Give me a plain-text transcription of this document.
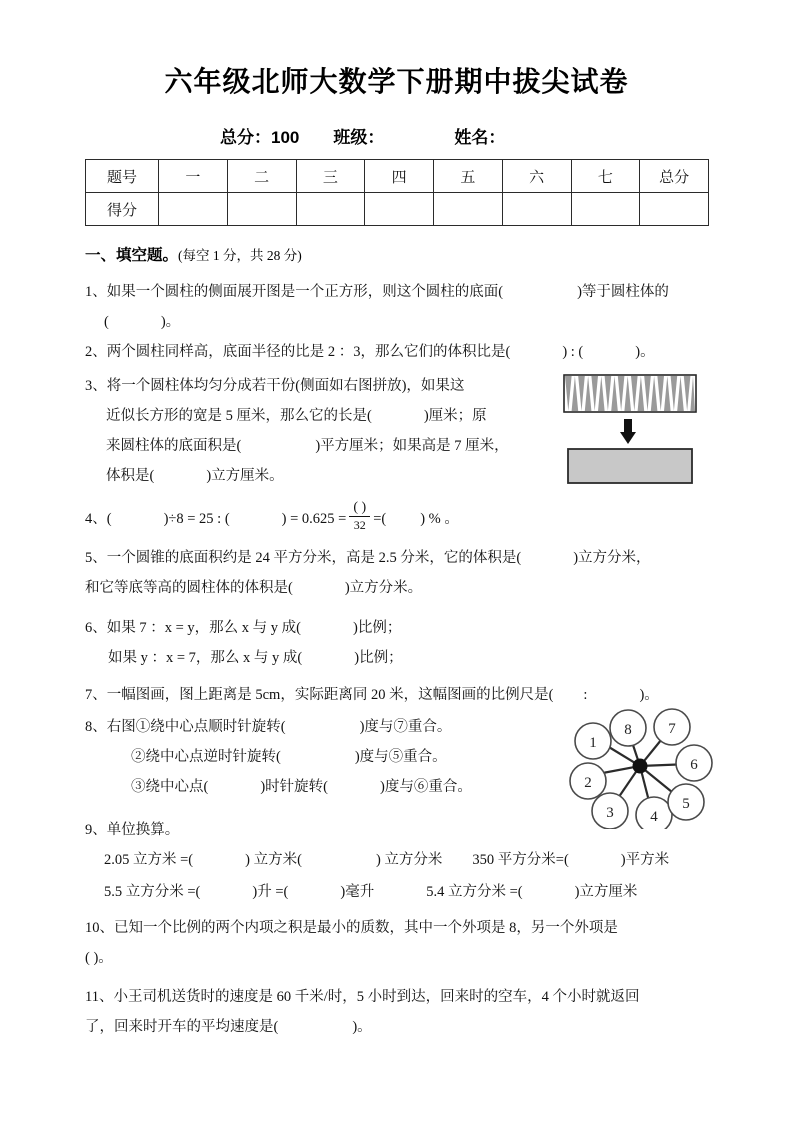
六年级北师大数学下册期中拔尖试卷
总分：100 班级：	姓名：
题号	一	二	三	四	五	六	七	总分
得分								
一、填空题。(每空 1 分，共 28 分)
1、如果一个圆柱的侧面展开图是一个正方形，则这个圆柱的底面(	)等于圆柱体的
(	)。
2、两个圆柱同样高，底面半径的比是 2 ：3，那么它们的体积比是(	) : (	)。
3、将一个圆柱体均匀分成若干份(侧面如右图拼放)，如果这
近似长方形的宽是 5 厘米，那么它的长是(	)厘米；原
来圆柱体的底面积是(	)平方厘米；如果高是 7 厘米，
体积是(	)立方厘米。
4、(	)÷8 = 25 : (	) = $0.625 = \frac{( )}{32}$ =( ) % 。
5、一个圆锥的底面积约是 24 平方分米，高是 2.5 分米，它的体积是(	)立方分米，
和它等底等高的圆柱体的体积是(	)立方分米。
6、如果 7 ：x = y，那么 x 与 y 成(	)比例；
如果 y ：x = 7，那么 x 与 y 成(	)比例；
7、一幅图画，图上距离是 5cm，实际距离同 20 米，这幅图画的比例尺是( :	)。
8、右图①绕中心点顺时针旋转(	)度与⑦重合。
②绕中心点逆时针旋转(	)度与⑤重合。
③绕中心点(	)时针旋转(	)度与⑥重合。
8
1
2
3 4
5
6
7
9、单位换算。
2.05 立方米 =(	) 立方米(	) 立方分米 350 平方分米=(	)平方米
5.5 立方分米 =(	)升 =(	)毫升	5.4 立方分米 =(	)立方厘米
10、已知一个比例的两个内项之积是最小的质数，其中一个外项是 8，另一个外项是
( )。
11、小王司机送货时的速度是 60 千米/时，5 小时到达，回来时的空车，4 个小时就返回
了，回来时开车的平均速度是(	)。
